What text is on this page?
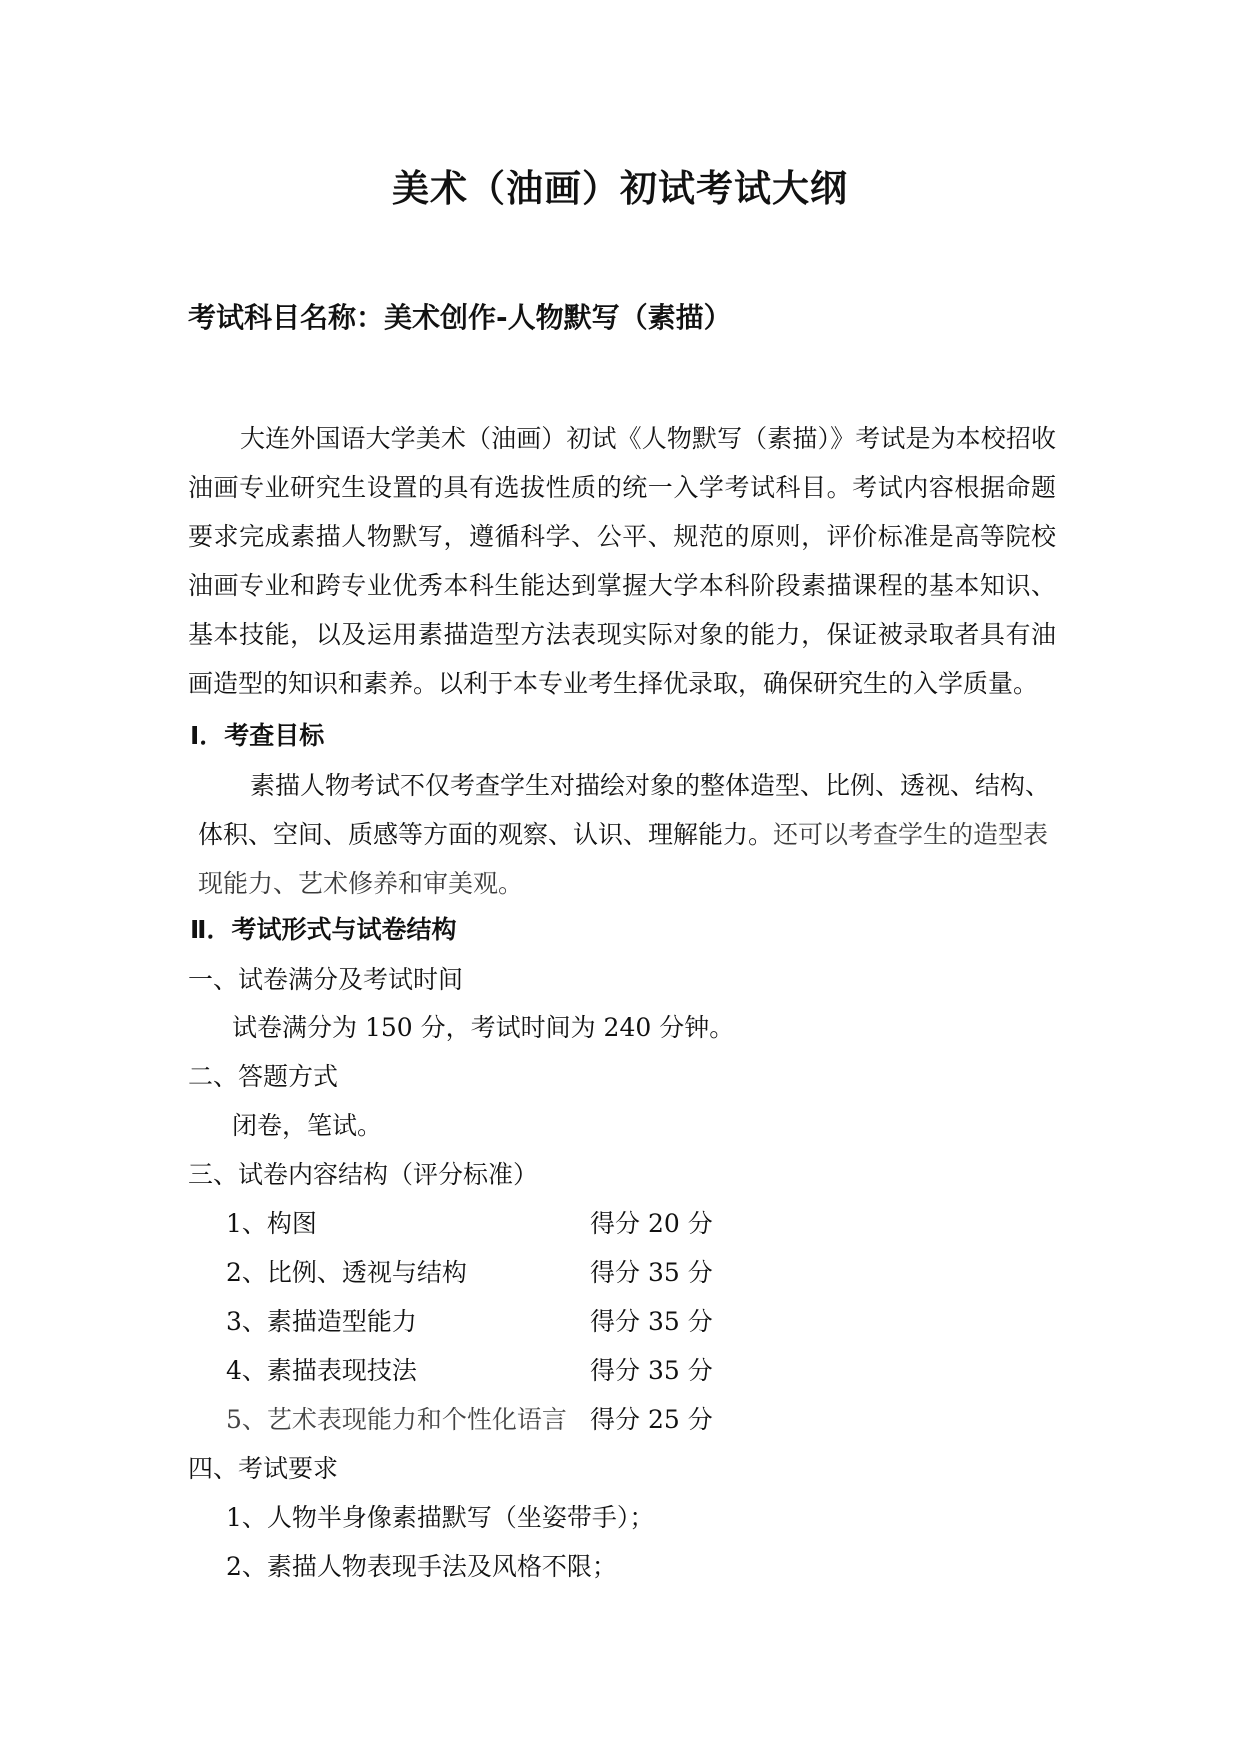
美术（油画）初试考试大纲
考试科目名称：美术创作-人物默写（素描）

大连外国语大学美术（油画）初试《人物默写（素描）》考试是为本校招收油画专业研究生设置的具有选拔性质的统一入学考试科目。考试内容根据命题要求完成素描人物默写，遵循科学、公平、规范的原则，评价标准是高等院校油画专业和跨专业优秀本科生能达到掌握大学本科阶段素描课程的基本知识、基本技能，以及运用素描造型方法表现实际对象的能力，保证被录取者具有油画造型的知识和素养。以利于本专业考生择优录取，确保研究生的入学质量。

Ⅰ．考查目标

素描人物考试不仅考查学生对描绘对象的整体造型、比例、透视、结构、体积、空间、质感等方面的观察、认识、理解能力。还可以考查学生的造型表现能力、艺术修养和审美观。

Ⅱ．考试形式与试卷结构
一、试卷满分及考试时间
试卷满分为 150 分，考试时间为 240 分钟。
二、答题方式
闭卷，笔试。
三、试卷内容结构（评分标准）
1、构图	得分 20 分
2、比例、透视与结构	得分 35 分
3、素描造型能力	得分 35 分
4、素描表现技法	得分 35 分
5、艺术表现能力和个性化语言 得分 25 分
四、考试要求
1、人物半身像素描默写（坐姿带手）；
2、素描人物表现手法及风格不限；
